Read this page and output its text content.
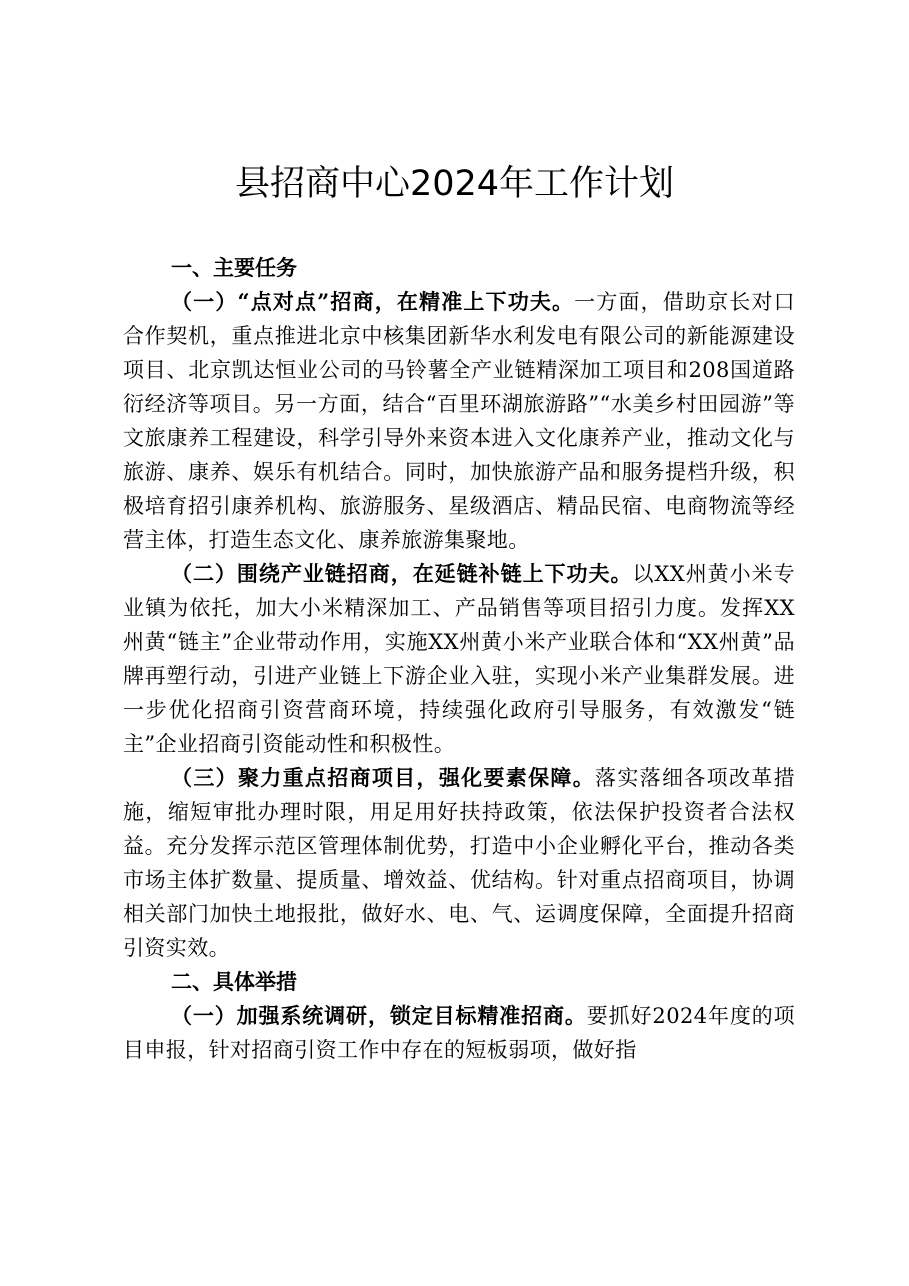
县招商中心2024年工作计划
一、主要任务

（一）“点对点”招商，在精准上下功夫。一方面，借助京长对口合作契机，重点推进北京中核集团新华水利发电有限公司的新能源建设项目、北京凯达恒业公司的马铃薯全产业链精深加工项目和208国道路衍经济等项目。另一方面，结合“百里环湖旅游路”“水美乡村田园游”等文旅康养工程建设，科学引导外来资本进入文化康养产业，推动文化与旅游、康养、娱乐有机结合。同时，加快旅游产品和服务提档升级，积极培育招引康养机构、旅游服务、星级酒店、精品民宿、电商物流等经营主体，打造生态文化、康养旅游集聚地。

（二）围绕产业链招商，在延链补链上下功夫。以XX州黄小米专业镇为依托，加大小米精深加工、产品销售等项目招引力度。发挥XX州黄“链主”企业带动作用，实施XX州黄小米产业联合体和“XX州黄”品牌再塑行动，引进产业链上下游企业入驻，实现小米产业集群发展。进一步优化招商引资营商环境，持续强化政府引导服务，有效激发“链主”企业招商引资能动性和积极性。

（三）聚力重点招商项目，强化要素保障。落实落细各项改革措施，缩短审批办理时限，用足用好扶持政策，依法保护投资者合法权益。充分发挥示范区管理体制优势，打造中小企业孵化平台，推动各类市场主体扩数量、提质量、增效益、优结构。针对重点招商项目，协调相关部门加快土地报批，做好水、电、气、运调度保障，全面提升招商引资实效。

二、具体举措

（一）加强系统调研，锁定目标精准招商。要抓好2024年度的项目申报，针对招商引资工作中存在的短板弱项，做好指
